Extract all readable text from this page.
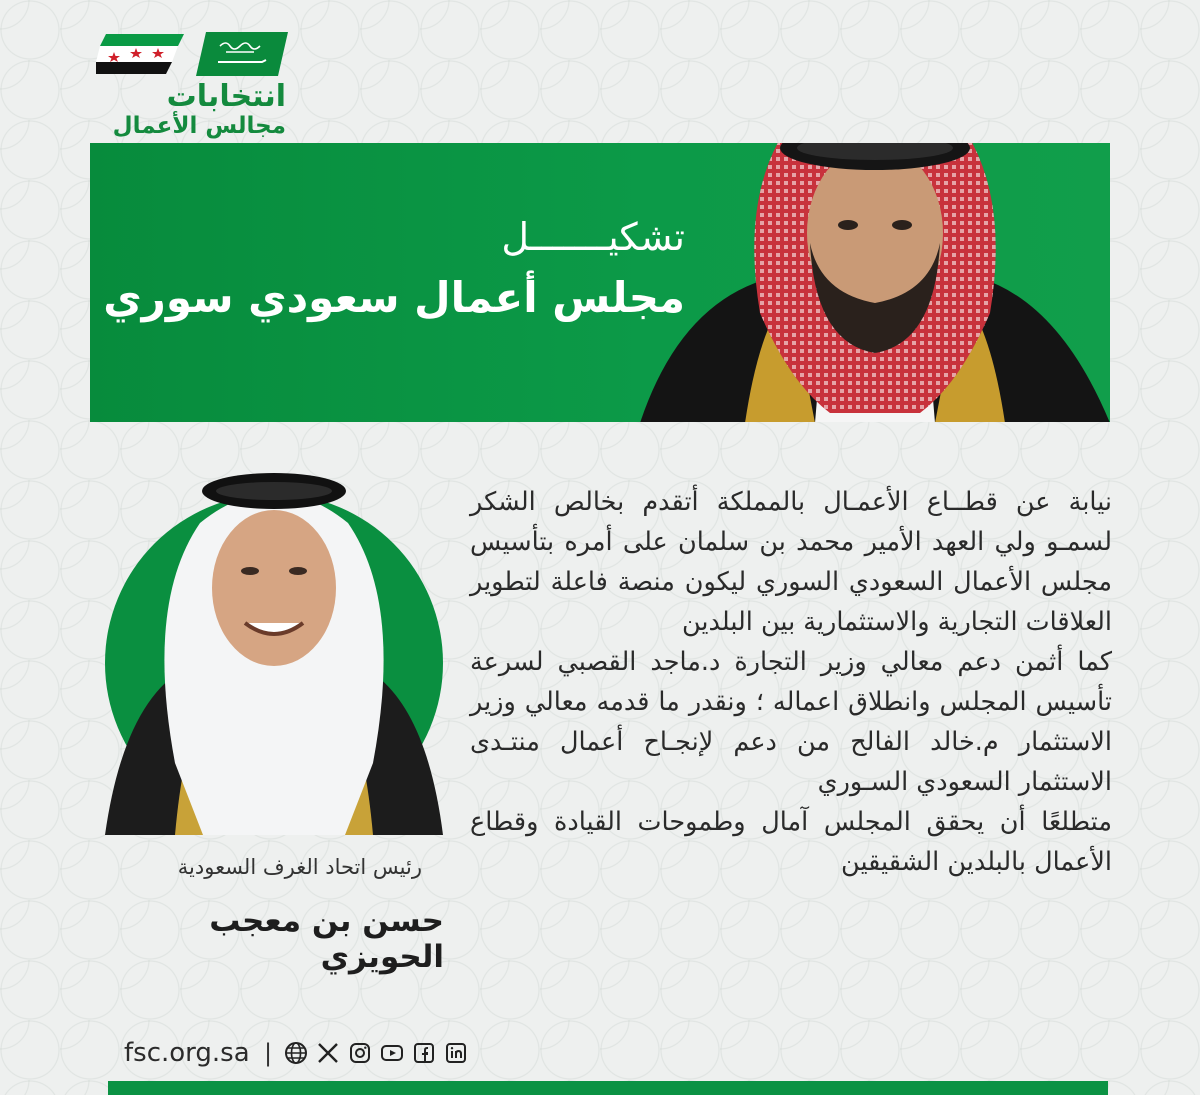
انتخابات
مجالس الأعمال
تشكيـــــــل
مجلس أعمال سعودي سوري

نيابة عن قطــاع الأعمـال بالمملكة أتقدم بخالص الشكر لسمـو ولي العهد الأمير محمد بن سلمان على أمره بتأسيس مجلس الأعمال السعودي السوري ليكون منصة فاعلة لتطوير العلاقات التجارية والاستثمارية بين البلدين

كما أثمن دعم معالي وزير التجارة د.ماجد القصبي لسرعة تأسيس المجلس وانطلاق اعماله ؛ ونقدر ما قدمه معالي وزير الاستثمار م.خالد الفالح من دعم لإنجـاح أعمال منتـدى الاستثمار السعودي السـوري

متطلعًا أن يحقق المجلس آمال وطموحات القيادة وقطاع الأعمال بالبلدين الشقيقين

رئيس اتحاد الغرف السعودية
حسن بن معجب الحويزي
fsc.org.sa |
